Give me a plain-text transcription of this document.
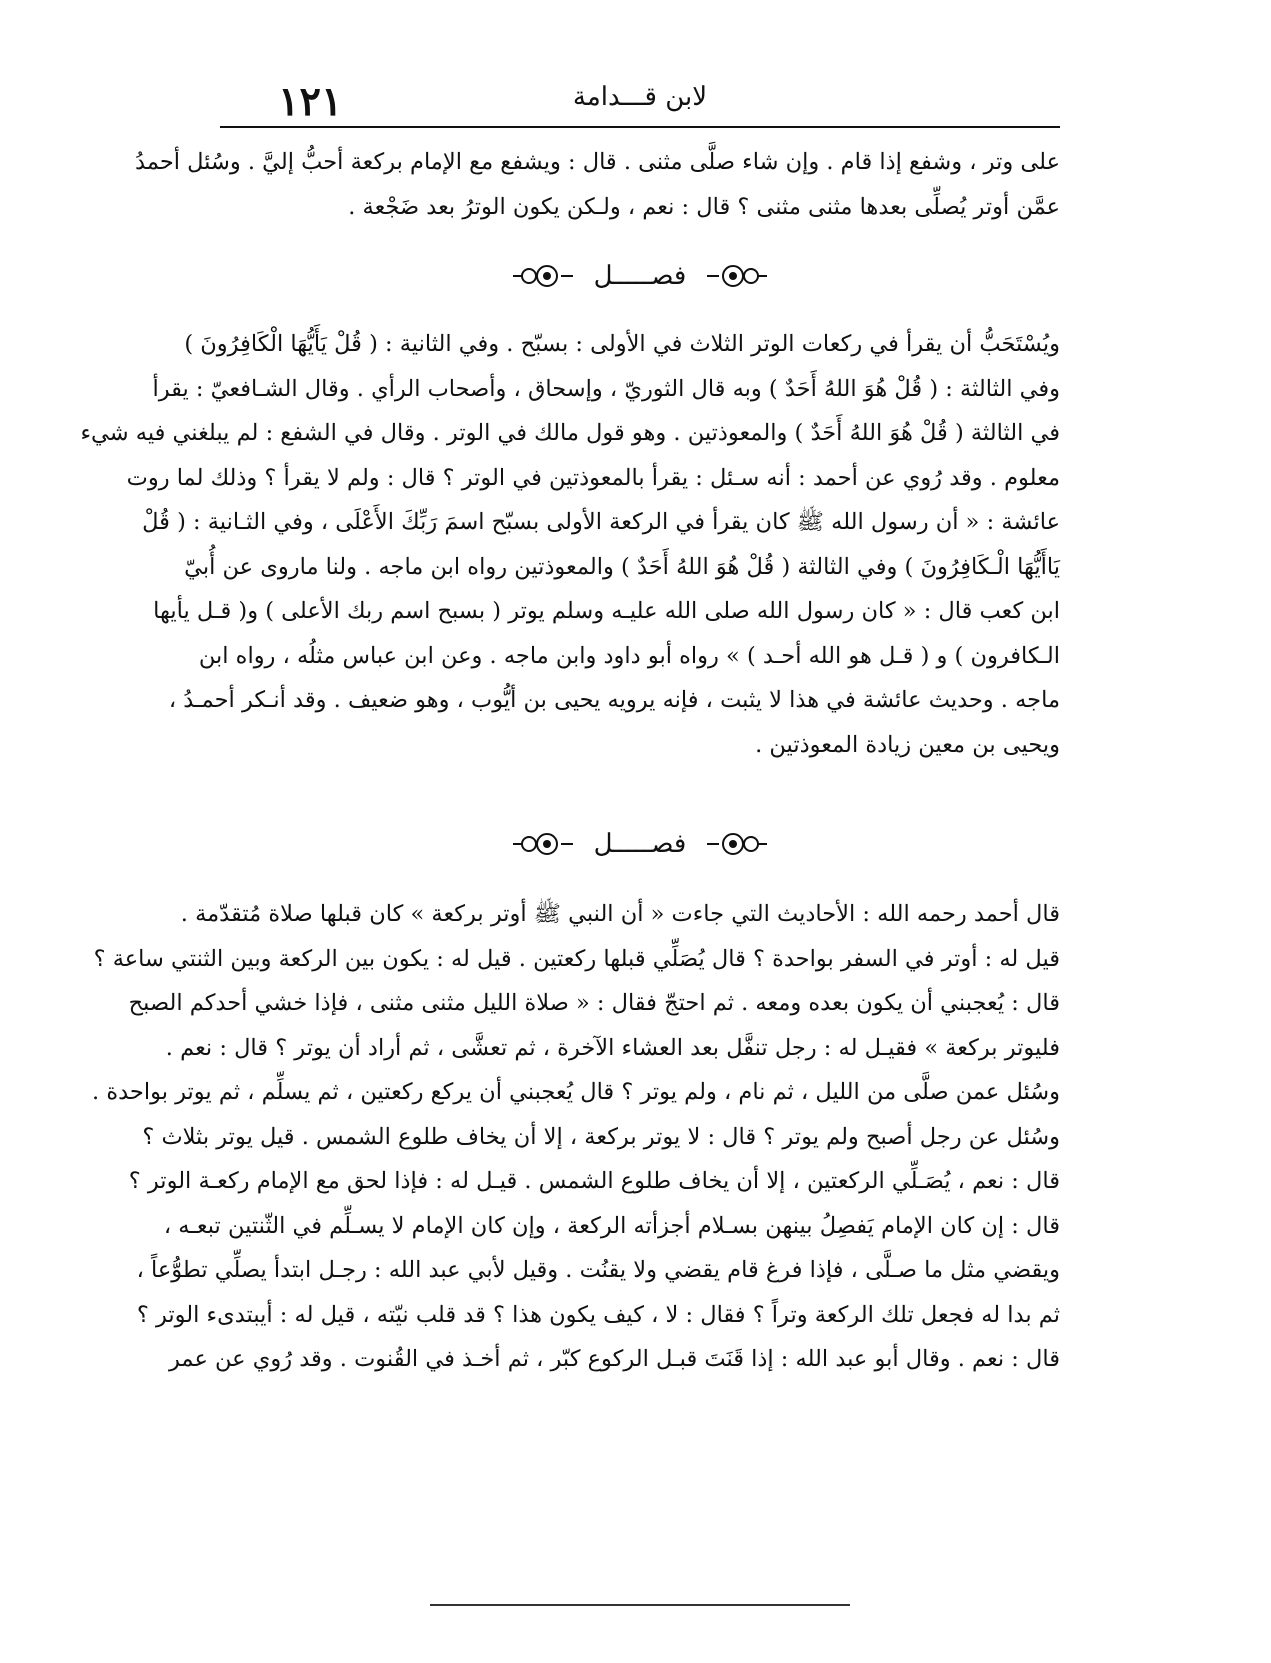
١٢١	لابن قـــدامة
على وتر ، وشفع إذا قام . وإن شاء صلَّى مثنى . قال : ويشفع مع الإمام بركعة أحبُّ إليَّ . وسُئل أحمدُ
عمَّن أوتر يُصلِّى بعدها مثنى مثنى ؟ قال : نعم ، ولـكن يكون الوترُ بعد ضَجْعة .
فصـــــل
ويُسْتَحَبُّ أن يقرأ في ركعات الوتر الثلاث في الأولى : بسبّح . وفي الثانية : ( قُلْ يَأَيُّهَا الْكَافِرُونَ )
وفي الثالثة : ( قُلْ هُوَ اللهُ أَحَدٌ ) وبه قال الثوريّ ، وإسحاق ، وأصحاب الرأي . وقال الشـافعيّ : يقرأ
في الثالثة ( قُلْ هُوَ اللهُ أَحَدٌ ) والمعوذتين . وهو قول مالك في الوتر . وقال في الشفع : لم يبلغني فيه شيء
معلوم . وقد رُوي عن أحمد : أنه سـئل : يقرأ بالمعوذتين في الوتر ؟ قال : ولم لا يقرأ ؟ وذلك لما روت
عائشة : « أن رسول الله ﷺ كان يقرأ في الركعة الأولى بسبّح اسمَ رَبِّكَ الأَعْلَى ، وفي الثـانية : ( قُلْ
يَاأَيُّهَا الْـكَافِرُونَ ) وفي الثالثة ( قُلْ هُوَ اللهُ أَحَدٌ ) والمعوذتين رواه ابن ماجه . ولنا ماروى عن أُبيّ
ابن كعب قال : « كان رسول الله صلى الله عليـه وسلم يوتر ( بسبح اسم ربك الأعلى ) و( قـل يأيها
الـكافرون ) و ( قـل هو الله أحـد ) » رواه أبو داود وابن ماجه . وعن ابن عباس مثلُه ، رواه ابن
ماجه . وحديث عائشة في هذا لا يثبت ، فإنه يرويه يحيى بن أيُّوب ، وهو ضعيف . وقد أنـكر أحمـدُ ،
ويحيى بن معين زيادة المعوذتين .
فصـــــل
قال أحمد رحمه الله : الأحاديث التي جاءت « أن النبي ﷺ أوتر بركعة » كان قبلها صلاة مُتقدّمة .
قيل له : أوتر في السفر بواحدة ؟ قال يُصَلِّي قبلها ركعتين . قيل له : يكون بين الركعة وبين الثنتي ساعة ؟
قال : يُعجبني أن يكون بعده ومعه . ثم احتجّ فقال : « صلاة الليل مثنى مثنى ، فإذا خشي أحدكم الصبح
فليوتر بركعة » فقيـل له : رجل تنفَّل بعد العشاء الآخرة ، ثم تعشَّى ، ثم أراد أن يوتر ؟ قال : نعم .
وسُئل عمن صلَّى من الليل ، ثم نام ، ولم يوتر ؟ قال يُعجبني أن يركع ركعتين ، ثم يسلِّم ، ثم يوتر بواحدة .
وسُئل عن رجل أصبح ولم يوتر ؟ قال : لا يوتر بركعة ، إلا أن يخاف طلوع الشمس . قيل يوتر بثلاث ؟
قال : نعم ، يُصَـلِّي الركعتين ، إلا أن يخاف طلوع الشمس . قيـل له : فإذا لحق مع الإمام ركعـة الوتر ؟
قال : إن كان الإمام يَفصِلُ بينهن بسـلام أجزأته الركعة ، وإن كان الإمام لا يسـلِّم في الثّنتين تبعـه ،
ويقضي مثل ما صـلَّى ، فإذا فرغ قام يقضي ولا يقنُت . وقيل لأبي عبد الله : رجـل ابتدأ يصلِّي تطوُّعاً ،
ثم بدا له فجعل تلك الركعة وتراً ؟ فقال : لا ، كيف يكون هذا ؟ قد قلب نيّته ، قيل له : أيبتدىء الوتر ؟
قال : نعم . وقال أبو عبد الله : إذا قَنَتَ قبـل الركوع كبّر ، ثم أخـذ في القُنوت . وقد رُوي عن عمر
